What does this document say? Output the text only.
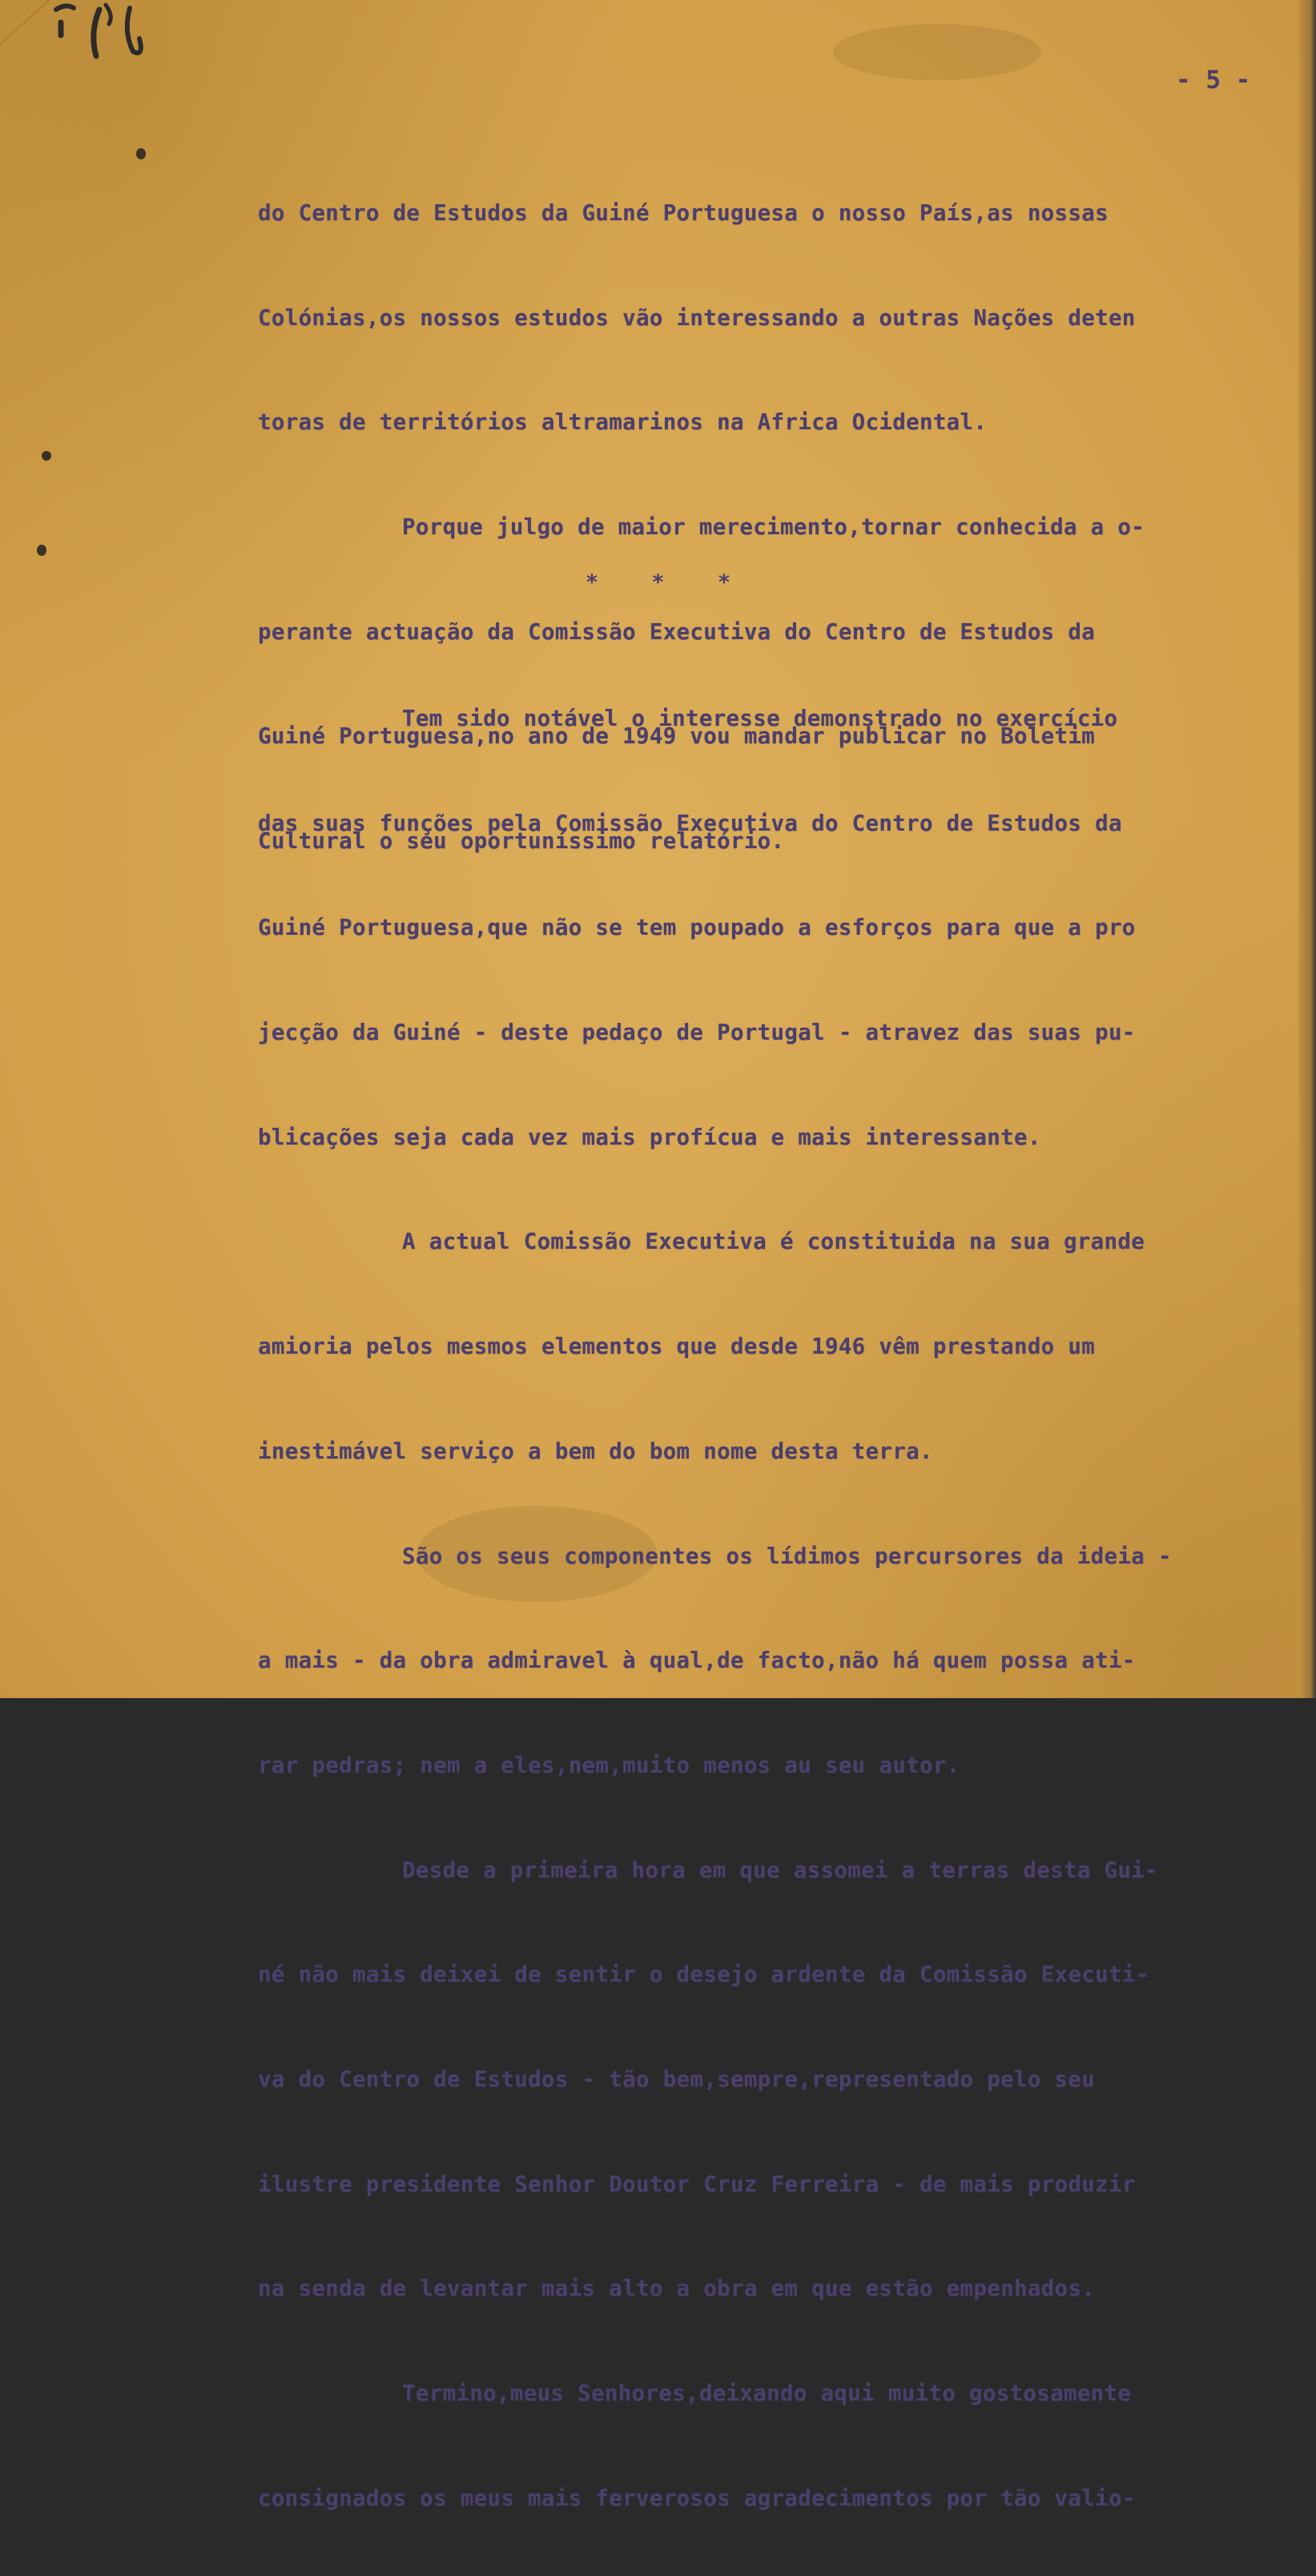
- 5 -

do Centro de Estudos da Guiné Portuguesa o nosso País,as nossas

Colónias,os nossos estudos vão interessando a outras Nações deten

toras de territórios altramarinos na Africa Ocidental.

Porque julgo de maior merecimento,tornar conhecida a o-

perante actuação da Comissão Executiva do Centro de Estudos da

Guiné Portuguesa,no ano de 1949 vou mandar publicar no Boletim

Cultural o seu oportuníssimo relatório.

* * *

Tem sido notável o interesse demonstrado no exercício

das suas funções pela Comissão Executiva do Centro de Estudos da

Guiné Portuguesa,que não se tem poupado a esforços para que a pro

jecção da Guiné - deste pedaço de Portugal - atravez das suas pu-

blicações seja cada vez mais profícua e mais interessante.

A actual Comissão Executiva é constituida na sua grande

amioria pelos mesmos elementos que desde 1946 vêm prestando um

inestimável serviço a bem do bom nome desta terra.

São os seus componentes os lídimos percursores da ideia -

a mais - da obra admiravel à qual,de facto,não há quem possa ati-

rar pedras; nem a eles,nem,muito menos au seu autor.

Desde a primeira hora em que assomei a terras desta Gui-

né não mais deixei de sentir o desejo ardente da Comissão Executi-

va do Centro de Estudos - tão bem,sempre,representado pelo seu

ilustre presidente Senhor Doutor Cruz Ferreira - de mais produzir

na senda de levantar mais alto a obra em que estão empenhados.

Termino,meus Senhores,deixando aqui muito gostosamente

consignados os meus mais ferverosos agradecimentos por tão valio-
